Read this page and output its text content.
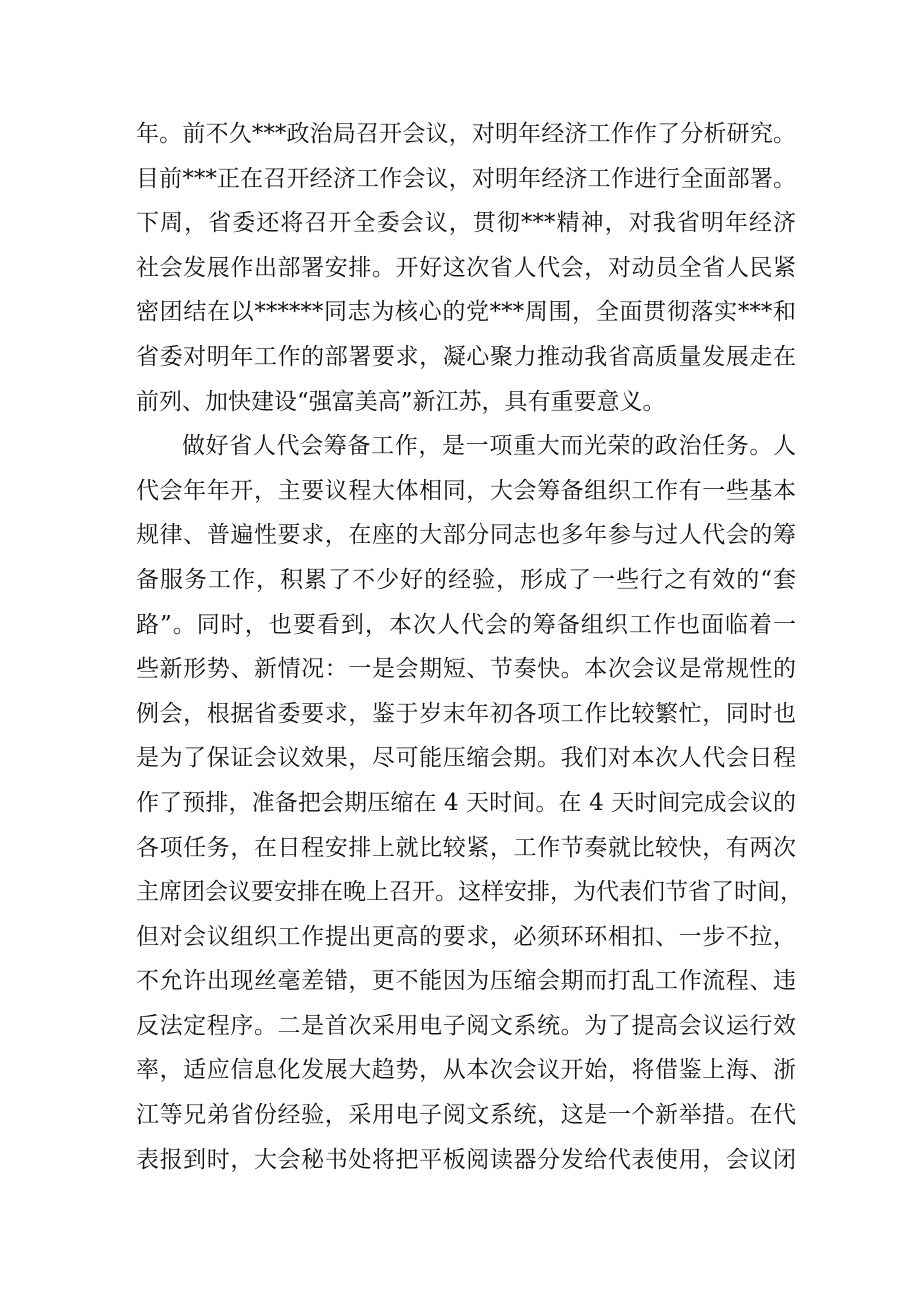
年。前不久***政治局召开会议，对明年经济工作作了分析研究。
目前***正在召开经济工作会议，对明年经济工作进行全面部署。
下周，省委还将召开全委会议，贯彻***精神，对我省明年经济
社会发展作出部署安排。开好这次省人代会，对动员全省人民紧
密团结在以******同志为核心的党***周围，全面贯彻落实***和
省委对明年工作的部署要求，凝心聚力推动我省高质量发展走在
前列、加快建设“强富美高”新江苏，具有重要意义。
做好省人代会筹备工作，是一项重大而光荣的政治任务。人
代会年年开，主要议程大体相同，大会筹备组织工作有一些基本
规律、普遍性要求，在座的大部分同志也多年参与过人代会的筹
备服务工作，积累了不少好的经验，形成了一些行之有效的“套
路”。同时，也要看到，本次人代会的筹备组织工作也面临着一
些新形势、新情况：一是会期短、节奏快。本次会议是常规性的
例会，根据省委要求，鉴于岁末年初各项工作比较繁忙，同时也
是为了保证会议效果，尽可能压缩会期。我们对本次人代会日程
作了预排，准备把会期压缩在 4 天时间。在 4 天时间完成会议的
各项任务，在日程安排上就比较紧，工作节奏就比较快，有两次
主席团会议要安排在晚上召开。这样安排，为代表们节省了时间，
但对会议组织工作提出更高的要求，必须环环相扣、一步不拉，
不允许出现丝毫差错，更不能因为压缩会期而打乱工作流程、违
反法定程序。二是首次采用电子阅文系统。为了提高会议运行效
率，适应信息化发展大趋势，从本次会议开始，将借鉴上海、浙
江等兄弟省份经验，采用电子阅文系统，这是一个新举措。在代
表报到时，大会秘书处将把平板阅读器分发给代表使用，会议闭
